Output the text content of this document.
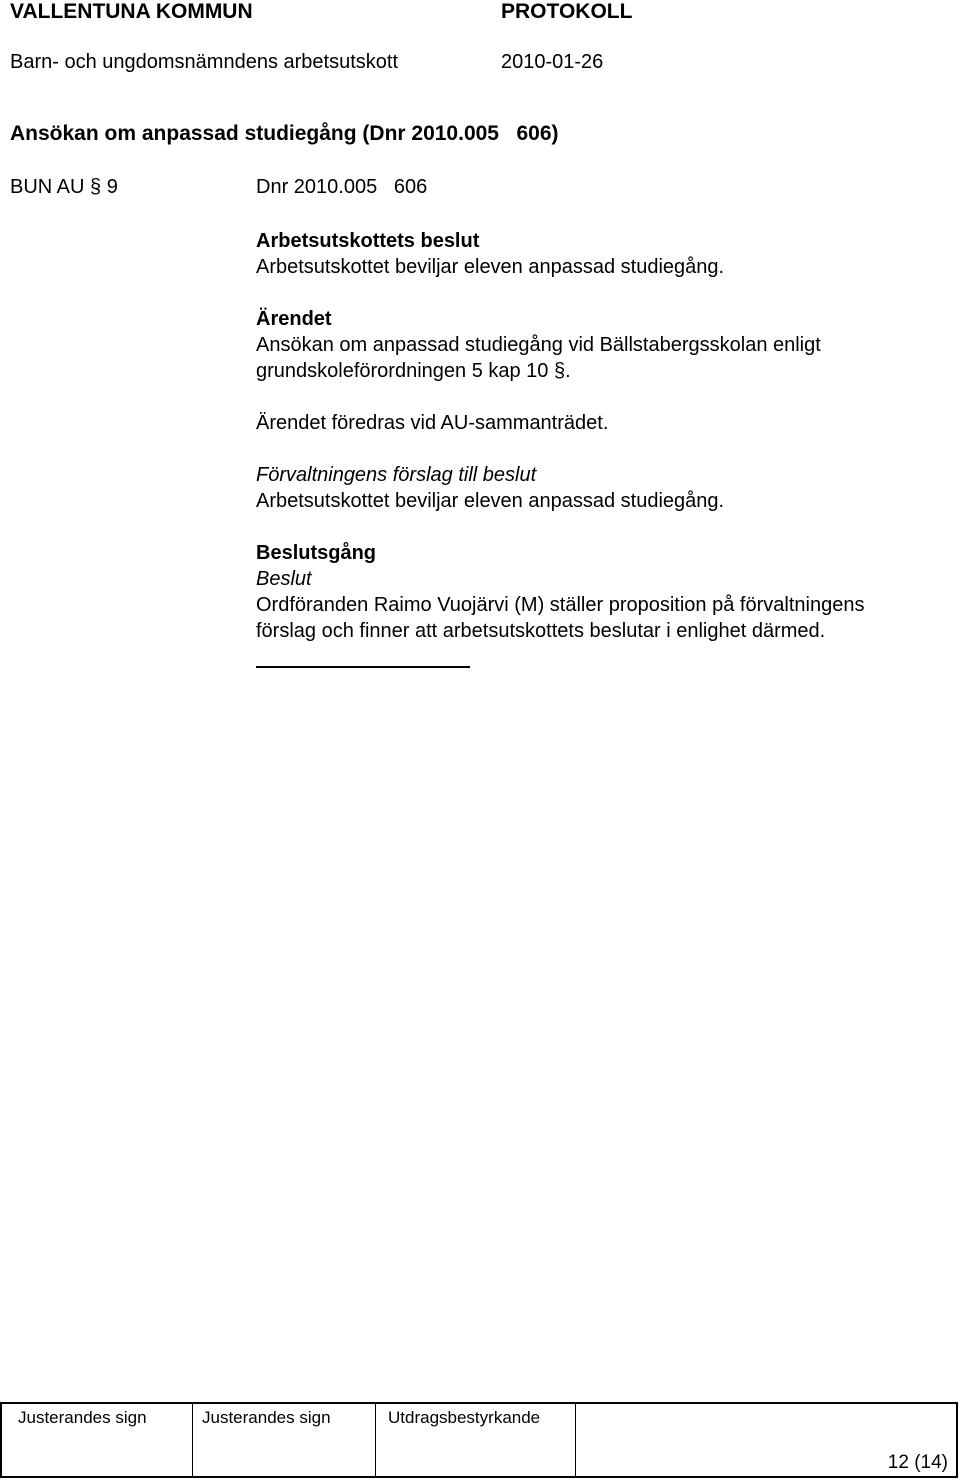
VALLENTUNA KOMMUN	PROTOKOLL
Barn- och ungdomsnämndens arbetsutskott	2010-01-26
Ansökan om anpassad studiegång (Dnr 2010.005   606)
BUN AU § 9	Dnr 2010.005   606
Arbetsutskottets beslut
Arbetsutskottet beviljar eleven anpassad studiegång.
Ärendet
Ansökan om anpassad studiegång vid Bällstabergsskolan enligt
grundskoleförordningen 5 kap 10 §.
Ärendet föredras vid AU-sammanträdet.
Förvaltningens förslag till beslut
Arbetsutskottet beviljar eleven anpassad studiegång.
Beslutsgång
Beslut
Ordföranden Raimo Vuojärvi (M) ställer proposition på förvaltningens
förslag och finner att arbetsutskottets beslutar i enlighet därmed.
Justerandes sign	Justerandes sign	Utdragsbestyrkande
12 (14)
